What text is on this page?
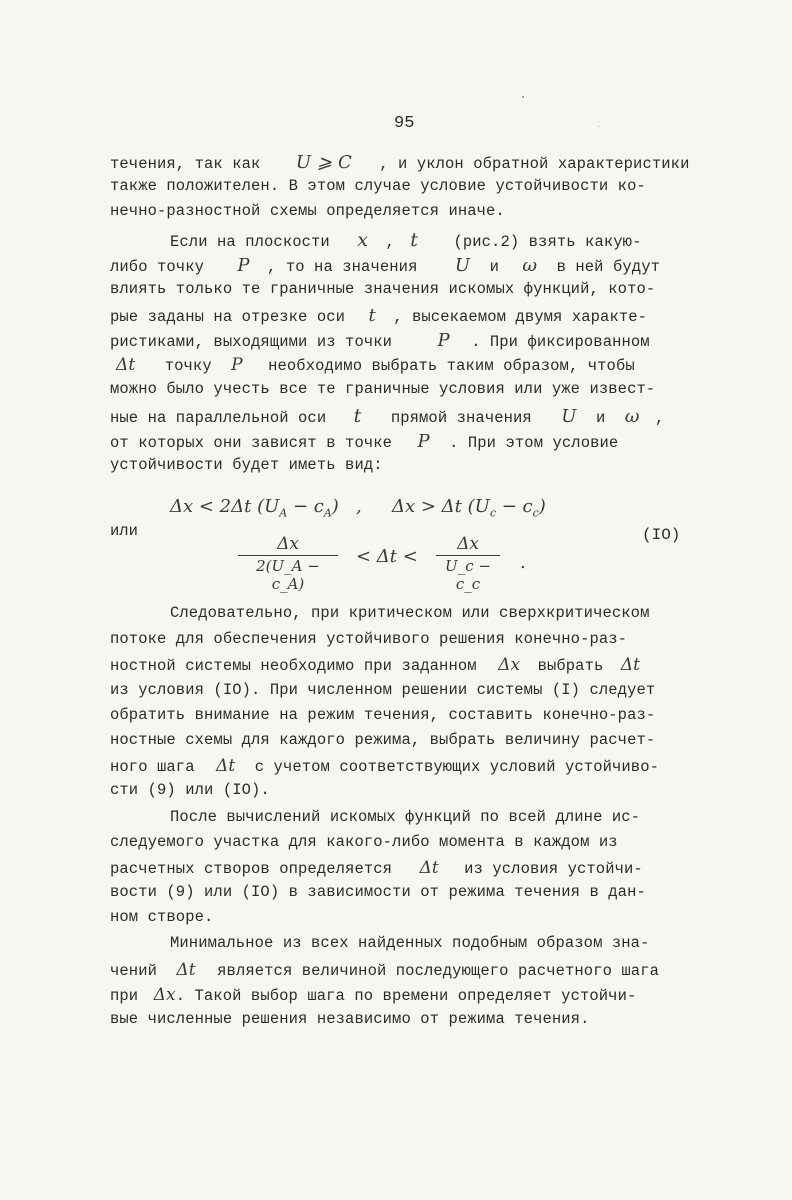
95
течения, так как U ⩾ C , и уклон обратной характеристики
также положителен. В этом случае условие устойчивости ко-
нечно-разностной схемы определяется иначе.
Если на плоскости x , t (рис.2) взять какую-
либо точку P , то на значения U и ω в ней будут
влиять только те граничные значения искомых функций, кото-
рые заданы на отрезке оси t , высекаемом двумя характе-
ристиками, выходящими из точки	P . При фиксированном
Δt точку P необходимо выбрать таким образом, чтобы
можно было учесть все те граничные условия или уже извест-
ные на параллельной оси t прямой значения U и ω ,
от которых они зависят в точке P . При этом условие
устойчивости будет иметь вид:
Δx < 2Δt $(U_A - c_A)$ , Δx > Δt $(U_c - c_c)$
или	(IO)
$\frac{\Delta x}{2(U\_A - c\_A)} < \Delta t < \frac{\Delta x}{U\_c - c\_c}$ .
Следовательно, при критическом или сверхкритическом
потоке для обеспечения устойчивого решения конечно-раз-
ностной системы необходимо при заданном Δx выбрать Δt
из условия (IO). При численном решении системы (I) следует
обратить внимание на режим течения, составить конечно-раз-
ностные схемы для каждого режима, выбрать величину расчет-
ного шага Δt с учетом соответствующих условий устойчиво-
сти (9) или (IO).
После вычислений искомых функций по всей длине ис-
следуемого участка для какого-либо момента в каждом из
расчетных створов определяется Δt из условия устойчи-
вости (9) или (IO) в зависимости от режима течения в дан-
ном створе.
Минимальное из всех найденных подобным образом зна-
чений Δt является величиной последующего расчетного шага
при Δx. Такой выбор шага по времени определяет устойчи-
вые численные решения независимо от режима течения.
